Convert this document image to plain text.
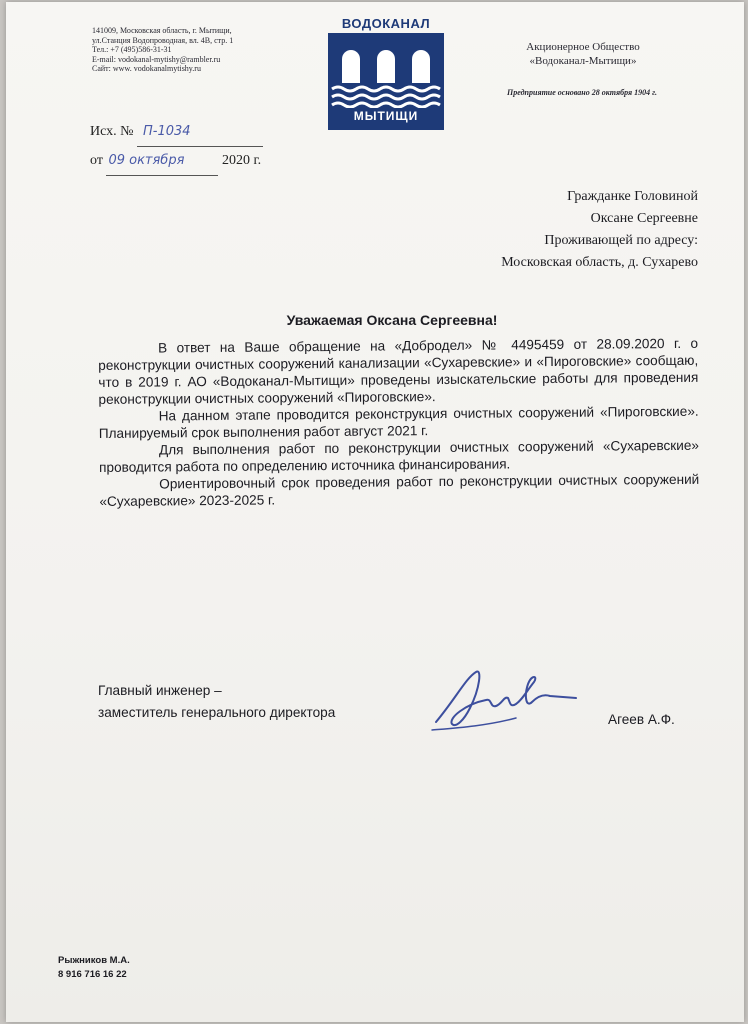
141009, Московская область, г. Мытищи,
ул.Станция Водопроводная, вл. 4В, стр. 1
Тел.: +7 (495)586-31-31
E-mail: vodokanal-mytishy@rambler.ru
Сайт: www. vodokanalmytishy.ru
ВОДОКАНАЛ
МЫТИЩИ
Акционерное Общество
«Водоканал-Мытищи»
Предприятие основано 28 октября 1904 г.
Исх. № П-1034
от 09 октября	2020 г.
Гражданке Головиной
Оксане Сергеевне
Проживающей по адресу:
Московская область, д. Сухарево
Уважаемая Оксана Сергеевна!

В ответ на Ваше обращение на «Добродел» № 4495459 от 28.09.2020 г. о реконструкции очистных сооружений канализации «Сухаревские» и «Пироговские» сообщаю, что в 2019 г. АО «Водоканал-Мытищи» проведены изыскательские работы для проведения реконструкции очистных сооружений «Пироговские».

На данном этапе проводится реконструкция очистных сооружений «Пироговские». Планируемый срок выполнения работ август 2021 г.

Для выполнения работ по реконструкции очистных сооружений «Сухаревские» проводится работа по определению источника финансирования.

Ориентировочный срок проведения работ по реконструкции очистных сооружений «Сухаревские» 2023-2025 г.

Главный инженер –
заместитель генерального директора	Агеев А.Ф.
Рыжников М.А.
8 916 716 16 22
